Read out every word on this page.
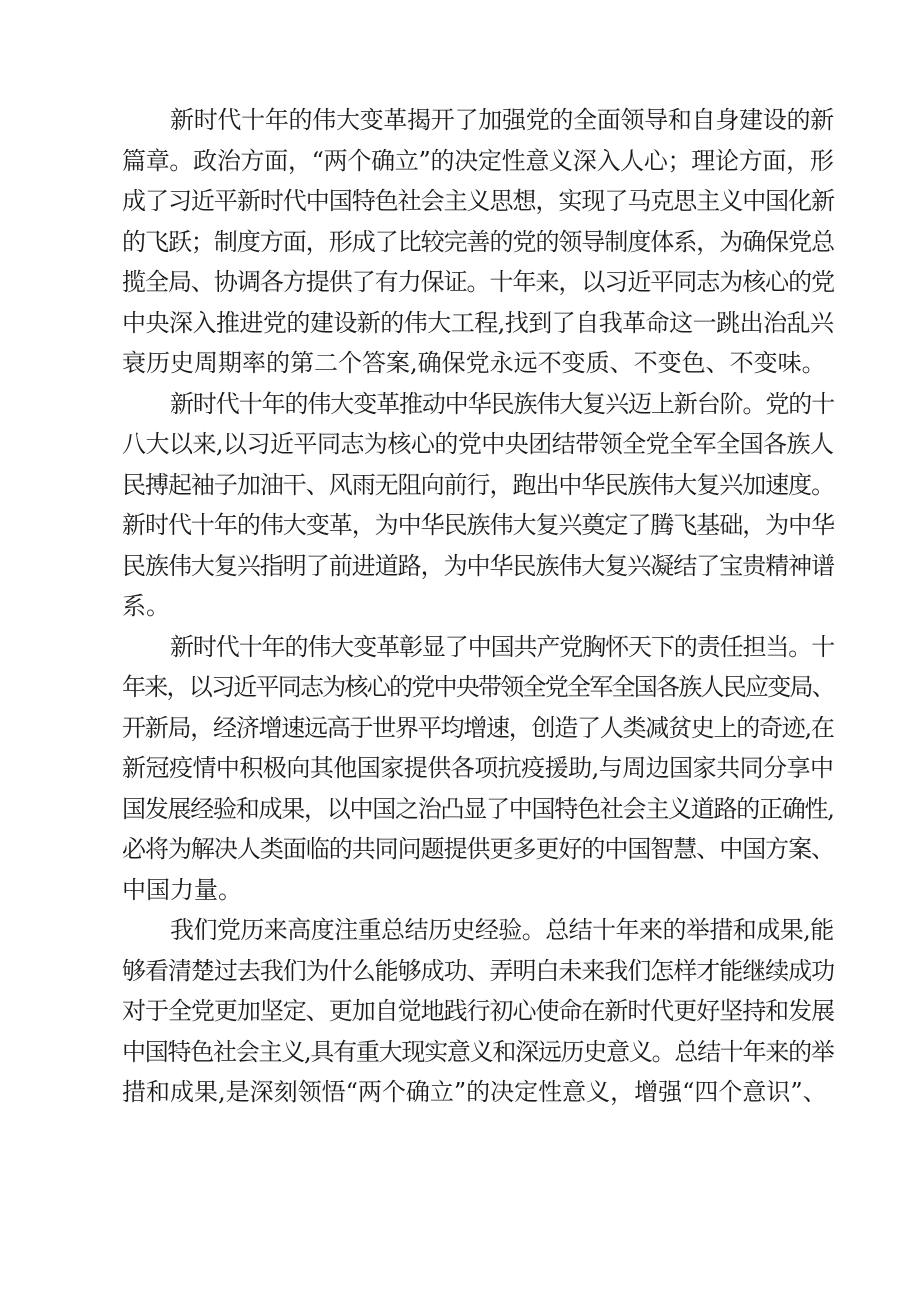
新时代十年的伟大变革揭开了加强党的全面领导和自身建设的新
篇章。政治方面，“两个确立”的决定性意义深入人心；理论方面，形
成了习近平新时代中国特色社会主义思想，实现了马克思主义中国化新
的飞跃；制度方面，形成了比较完善的党的领导制度体系，为确保党总
揽全局、协调各方提供了有力保证。十年来，以习近平同志为核心的党
中央深入推进党的建设新的伟大工程,找到了自我革命这一跳出治乱兴
衰历史周期率的第二个答案,确保党永远不变质、不变色、不变味。
新时代十年的伟大变革推动中华民族伟大复兴迈上新台阶。党的十
八大以来,以习近平同志为核心的党中央团结带领全党全军全国各族人
民搏起袖子加油干、风雨无阻向前行，跑出中华民族伟大复兴加速度。
新时代十年的伟大变革，为中华民族伟大复兴奠定了腾飞基础，为中华
民族伟大复兴指明了前进道路，为中华民族伟大复兴凝结了宝贵精神谱
系。
新时代十年的伟大变革彰显了中国共产党胸怀天下的责任担当。十
年来，以习近平同志为核心的党中央带领全党全军全国各族人民应变局、
开新局，经济增速远高于世界平均增速，创造了人类减贫史上的奇迹,在
新冠疫情中积极向其他国家提供各项抗疫援助,与周边国家共同分享中
国发展经验和成果，以中国之治凸显了中国特色社会主义道路的正确性,
必将为解决人类面临的共同问题提供更多更好的中国智慧、中国方案、
中国力量。
我们党历来高度注重总结历史经验。总结十年来的举措和成果,能
够看清楚过去我们为什么能够成功、弄明白未来我们怎样才能继续成功
对于全党更加坚定、更加自觉地践行初心使命在新时代更好坚持和发展
中国特色社会主义,具有重大现实意义和深远历史意义。总结十年来的举
措和成果,是深刻领悟“两个确立”的决定性意义，增强“四个意识”、
